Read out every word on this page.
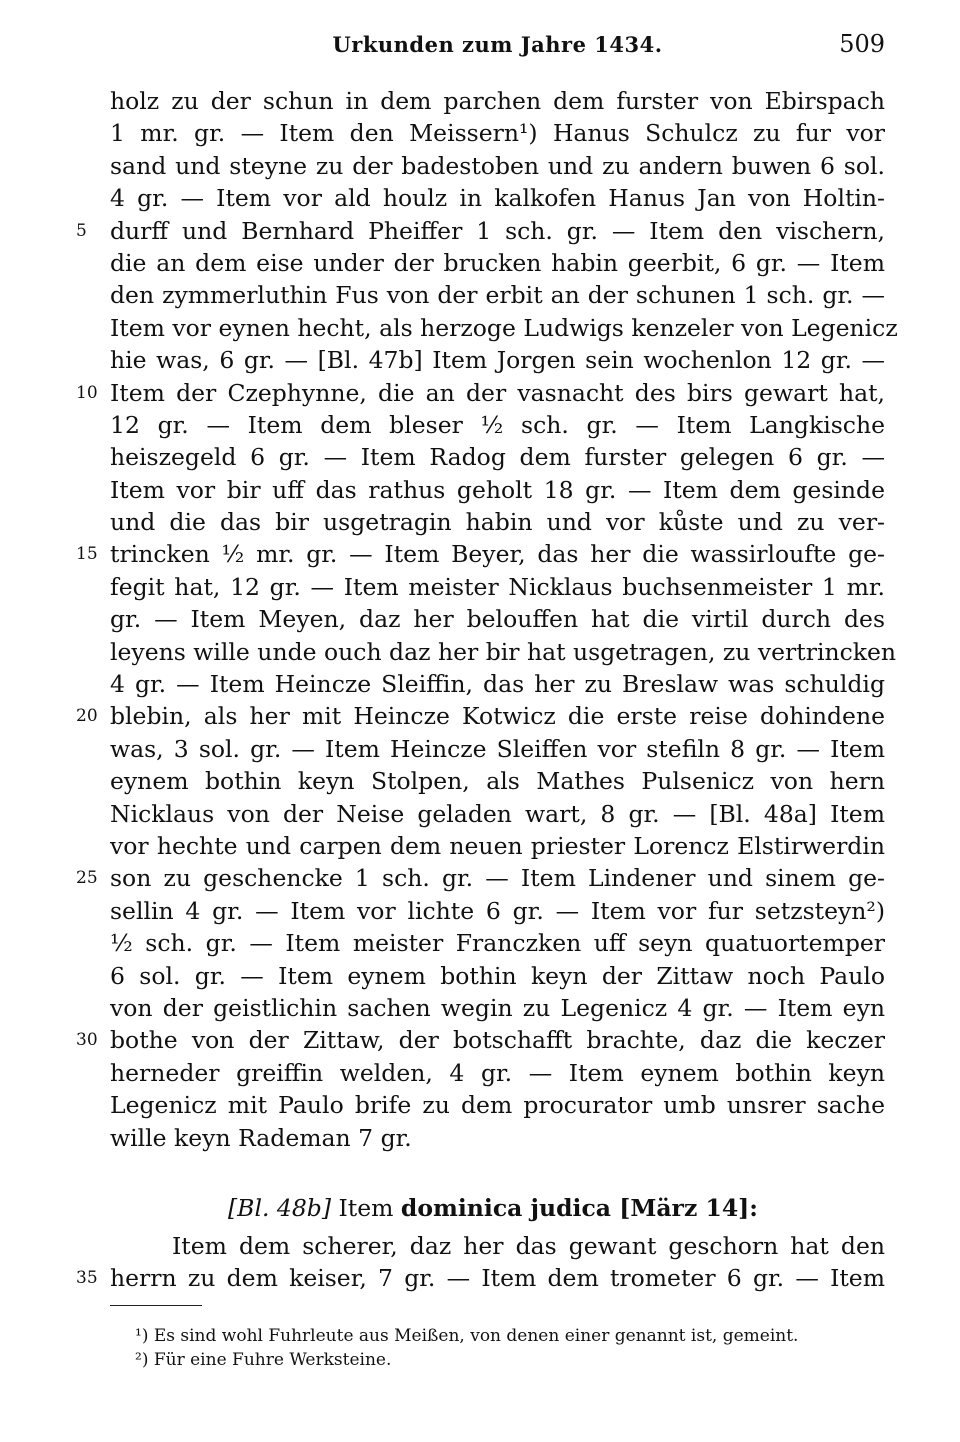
Urkunden zum Jahre 1434.	509
holz zu der schun in dem parchen dem furster von Ebirspach
1 mr. gr. — Item den Meissern¹) Hanus Schulcz zu fur vor
sand und steyne zu der badestoben und zu andern buwen 6 sol.
4 gr. — Item vor ald houlz in kalkofen Hanus Jan von Holtin-
5 durff und Bernhard Pheiffer 1 sch. gr. — Item den vischern,
die an dem eise under der brucken habin geerbit, 6 gr. — Item
den zymmerluthin Fus von der erbit an der schunen 1 sch. gr. —
Item vor eynen hecht, als herzoge Ludwigs kenzeler von Legenicz
hie was, 6 gr. — [Bl. 47b] Item Jorgen sein wochenlon 12 gr. —
10 Item der Czephynne, die an der vasnacht des birs gewart hat,
12 gr. — Item dem bleser ½ sch. gr. — Item Langkische
heiszegeld 6 gr. — Item Radog dem furster gelegen 6 gr. —
Item vor bir uff das rathus geholt 18 gr. — Item dem gesinde
und die das bir usgetragin habin und vor kůste und zu ver-
15 trincken ½ mr. gr. — Item Beyer, das her die wassirloufte ge-
fegit hat, 12 gr. — Item meister Nicklaus buchsenmeister 1 mr.
gr. — Item Meyen, daz her belouffen hat die virtil durch des
leyens wille unde ouch daz her bir hat usgetragen, zu vertrincken
4 gr. — Item Heincze Sleiffin, das her zu Breslaw was schuldig
20 blebin, als her mit Heincze Kotwicz die erste reise dohindene
was, 3 sol. gr. — Item Heincze Sleiffen vor stefiln 8 gr. — Item
eynem bothin keyn Stolpen, als Mathes Pulsenicz von hern
Nicklaus von der Neise geladen wart, 8 gr. — [Bl. 48a] Item
vor hechte und carpen dem neuen priester Lorencz Elstirwerdin
25 son zu geschencke 1 sch. gr. — Item Lindener und sinem ge-
sellin 4 gr. — Item vor lichte 6 gr. — Item vor fur setzsteyn²)
½ sch. gr. — Item meister Franczken uff seyn quatuortemper
6 sol. gr. — Item eynem bothin keyn der Zittaw noch Paulo
von der geistlichin sachen wegin zu Legenicz 4 gr. — Item eyn
30 bothe von der Zittaw, der botschafft brachte, daz die keczer
herneder greiffin welden, 4 gr. — Item eynem bothin keyn
Legenicz mit Paulo brife zu dem procurator umb unsrer sache
wille keyn Rademan 7 gr.
[Bl. 48b] Item dominica judica [März 14]:
Item dem scherer, daz her das gewant geschorn hat den
35 herrn zu dem keiser, 7 gr. — Item dem trometer 6 gr. — Item
¹) Es sind wohl Fuhrleute aus Meißen, von denen einer genannt ist, gemeint.
²) Für eine Fuhre Werksteine.
